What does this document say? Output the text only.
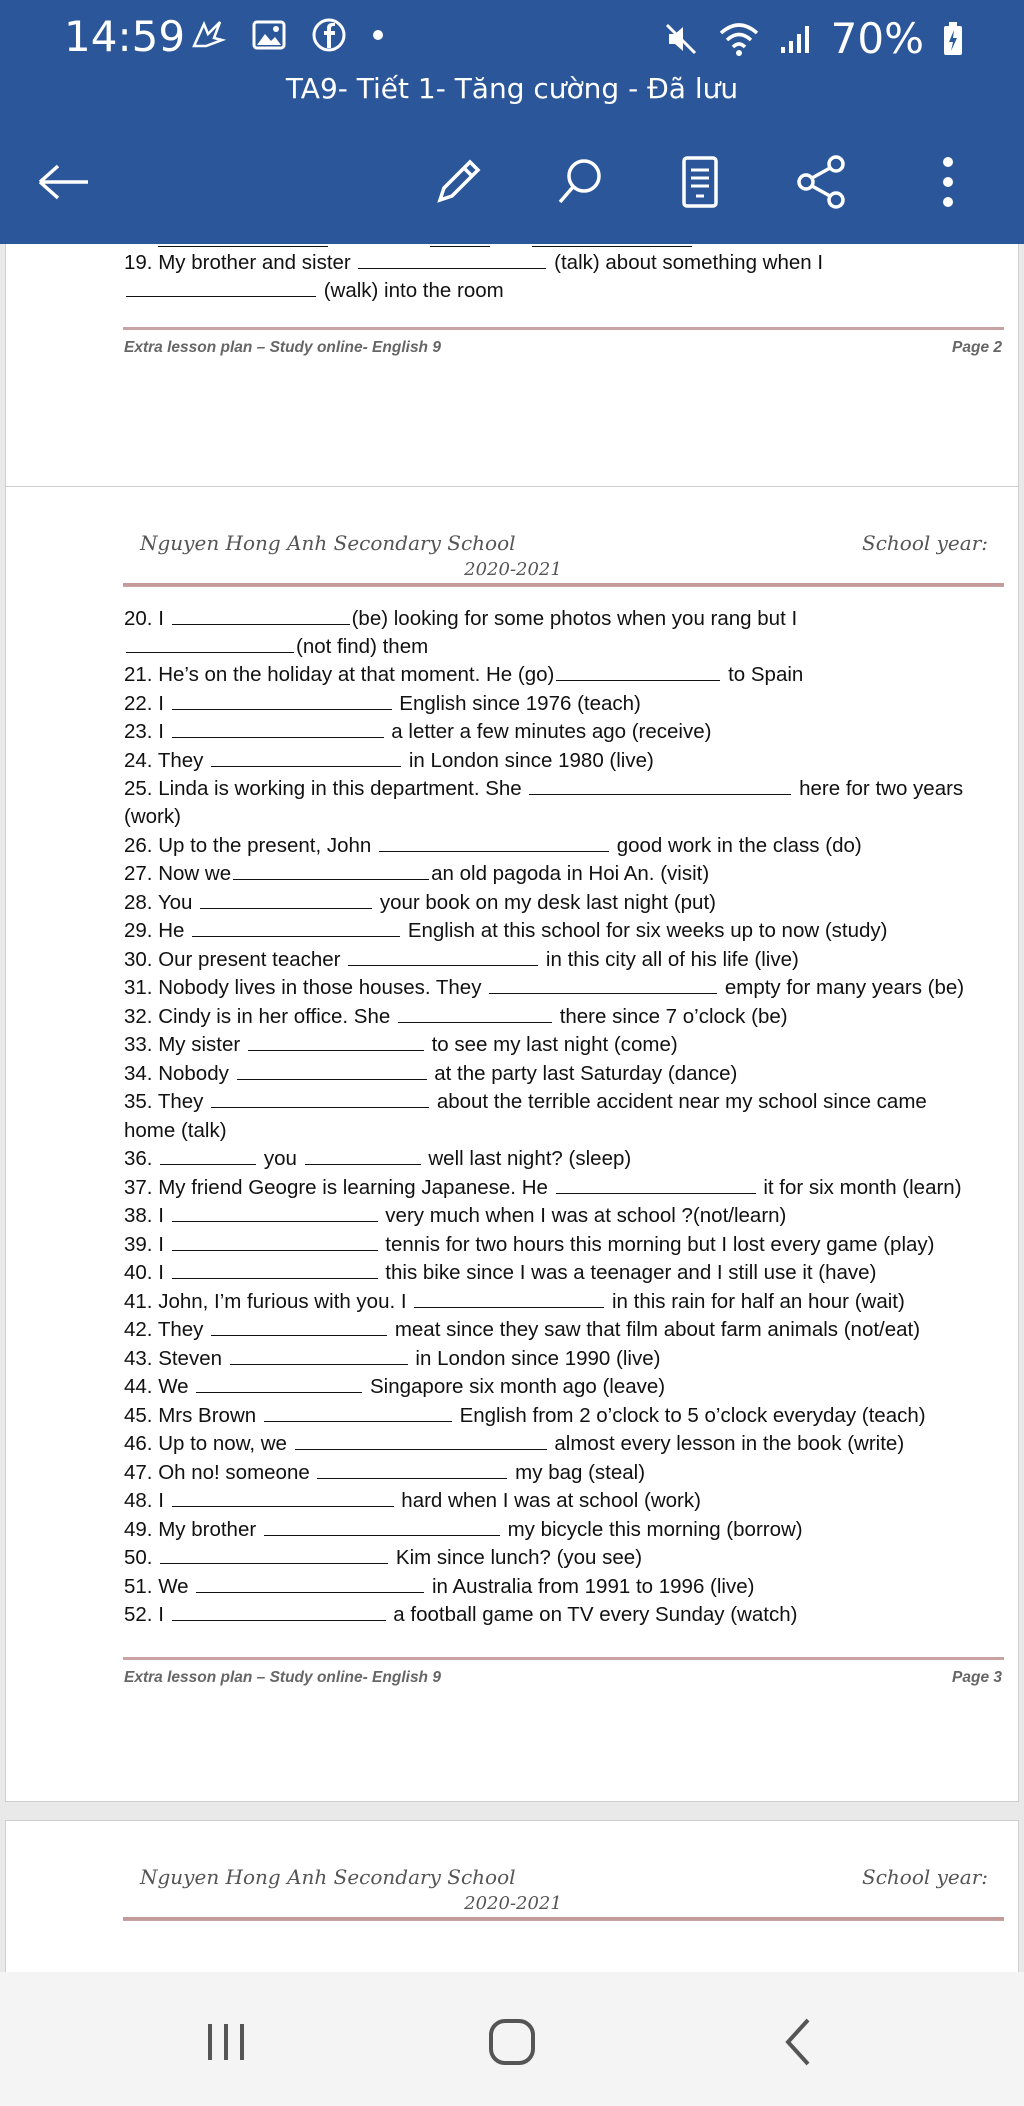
14:59	70%
TA9- Tiết 1- Tăng cường - Đã lưu
19. My brother and sister	(talk) about something when I
(walk) into the room
Extra lesson plan – Study online- English 9	Page 2
Nguyen Hong Anh Secondary School	School year:
2020-2021
20. I	(be) looking for some photos when you rang but I
(not find) them
21. He’s on the holiday at that moment. He (go)	to Spain
22. I	English since 1976 (teach)
23. I	a letter a few minutes ago (receive)
24. They	in London since 1980 (live)
25. Linda is working in this department. She	here for two years
(work)
26. Up to the present, John	good work in the class (do)
27. Now we	an old pagoda in Hoi An. (visit)
28. You	your book on my desk last night (put)
29. He	English at this school for six weeks up to now (study)
30. Our present teacher	in this city all of his life (live)
31. Nobody lives in those houses. They	empty for many years (be)
32. Cindy is in her office. She	there since 7 o’clock (be)
33. My sister	to see my last night (come)
34. Nobody	at the party last Saturday (dance)
35. They	about the terrible accident near my school since came
home (talk)
36.	you	well last night? (sleep)
37. My friend Geogre is learning Japanese. He	it for six month (learn)
38. I	very much when I was at school ?(not/learn)
39. I	tennis for two hours this morning but I lost every game (play)
40. I	this bike since I was a teenager and I still use it (have)
41. John, I’m furious with you. I	in this rain for half an hour (wait)
42. They	meat since they saw that film about farm animals (not/eat)
43. Steven	in London since 1990 (live)
44. We	Singapore six month ago (leave)
45. Mrs Brown	English from 2 o’clock to 5 o’clock everyday (teach)
46. Up to now, we	almost every lesson in the book (write)
47. Oh no! someone	my bag (steal)
48. I	hard when I was at school (work)
49. My brother	my bicycle this morning (borrow)
50.	Kim since lunch? (you see)
51. We	in Australia from 1991 to 1996 (live)
52. I	a football game on TV every Sunday (watch)
Extra lesson plan – Study online- English 9	Page 3
Nguyen Hong Anh Secondary School	School year:
2020-2021
